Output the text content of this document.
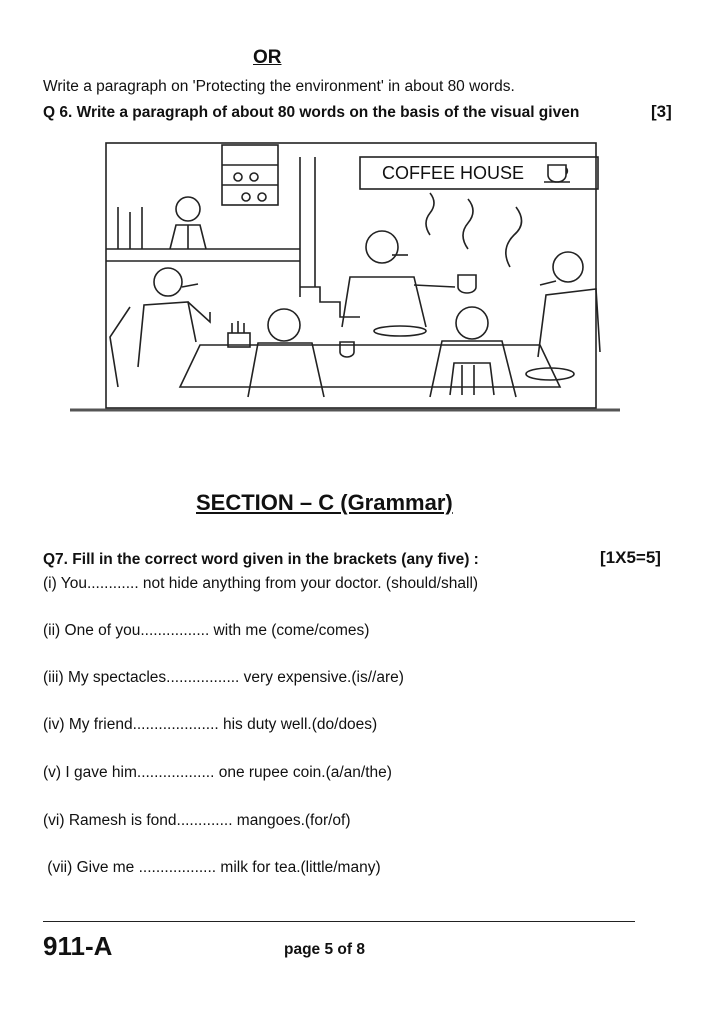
OR
Write a paragraph on 'Protecting the environment' in about 80 words.
Q 6. Write a paragraph of about 80 words on the basis of the visual given	[3]
COFFEE HOUSE
SECTION – C (Grammar)
Q7. Fill in the correct word given in the brackets (any five) :	[1X5=5]
(i) You............ not hide anything from your doctor. (should/shall)
(ii) One of you................ with me (come/comes)
(iii) My spectacles................. very expensive.(is//are)
(iv) My friend.................... his duty well.(do/does)
(v) I gave him.................. one rupee coin.(a/an/the)
(vi) Ramesh is fond............. mangoes.(for/of)
(vii) Give me .................. milk for tea.(little/many)
911-A	page 5 of 8
